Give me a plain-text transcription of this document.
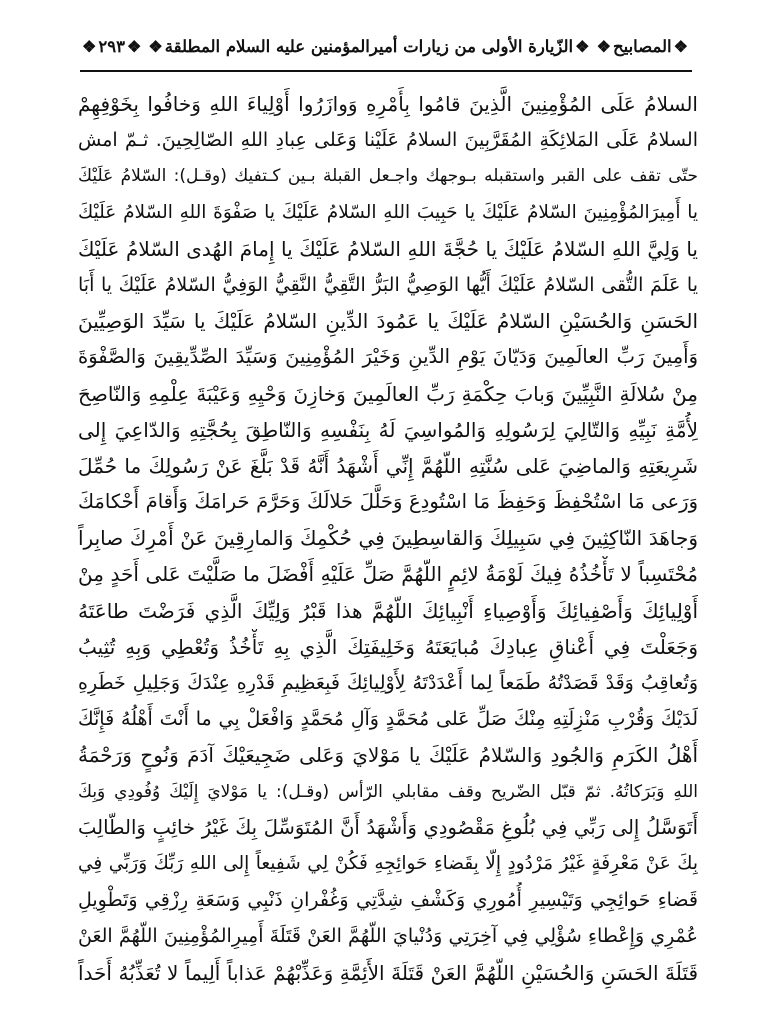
❖المصابيح❖
❖الزّيارة الأولى من زيارات أميرالمؤمنين عليه السلام المطلقة❖
❖٢٩٣❖
السلامُ عَلَى المُؤْمِنِينَ الَّذِينَ قامُوا بِأَمْرِهِ وَوازَرُوا أَوْلِياءَ اللهِ وَخافُوا بِخَوْفِهِمْ
السلامُ عَلَى المَلائِكَةِ المُقَرَّبِينَ السلامُ عَلَيْنا وَعَلى عِبادِ اللهِ الصّالِحِينَ. ثـمّ امش
حتّى تقف على القبر واستقبله بـوجهك واجـعل القبلة بـين كـتفيك (وقـل): السّلامُ عَلَيْكَ
يا أَمِيرَالمُؤْمِنِينَ السّلامُ عَلَيْكَ يا حَبِيبَ اللهِ السّلامُ عَلَيْكَ يا صَفْوَةَ اللهِ السّلامُ عَلَيْكَ
يا وَلِيَّ اللهِ السّلامُ عَلَيْكَ يا حُجَّةَ اللهِ السّلامُ عَلَيْكَ يا إِمامَ الهُدى السّلامُ عَلَيْكَ
يا عَلَمَ التُّقى السّلامُ عَلَيْكَ أَيُّها الوَصِيُّ البَرُّ التَّقِيُّ النَّقِيُّ الوَفِيُّ السّلامُ عَلَيْكَ يا أَبَا
الحَسَنِ وَالحُسَيْنِ السّلامُ عَلَيْكَ يا عَمُودَ الدِّينِ السّلامُ عَلَيْكَ يا سَيِّدَ الوَصِيِّينَ
وَأَمِينَ رَبِّ العالَمِينَ وَدَيّانَ يَوْمِ الدِّينِ وَخَيْرَ المُؤْمِنِينَ وَسَيِّدَ الصِّدِّيقِينَ وَالصَّفْوَةَ
مِنْ سُلالَةِ النَّبِيِّينَ وَبابَ حِكْمَةِ رَبِّ العالَمِينَ وَخازِنَ وَحْيِهِ وَعَيْبَةَ عِلْمِهِ وَالنّاصِحَ
لِأُمَّةِ نَبِيِّهِ وَالتّالِيَ لِرَسُولِهِ وَالمُواسِيَ لَهُ بِنَفْسِهِ وَالنّاطِقَ بِحُجَّتِهِ وَالدّاعِيَ إِلى
شَرِيعَتِهِ وَالماضِيَ عَلى سُنَّتِهِ اللّهُمَّ إِنِّي أَشْهَدُ أَنَّهُ قَدْ بَلَّغَ عَنْ رَسُولِكَ ما حُمِّلَ
وَرَعى مَا اسْتُحْفِظَ وَحَفِظَ مَا اسْتُودِعَ وَحَلَّلَ حَلالَكَ وَحَرَّمَ حَرامَكَ وَأَقامَ أَحْكامَكَ
وَجاهَدَ النّاكِثِينَ فِي سَبِيلِكَ وَالقاسِطِينَ فِي حُكْمِكَ وَالمارِقِينَ عَنْ أَمْرِكَ صابِراً
مُحْتَسِباً لا تَأْخُذُهُ فِيكَ لَوْمَةُ لائِمٍ اللّهُمَّ صَلِّ عَلَيْهِ أَفْضَلَ ما صَلَّيْتَ عَلى أَحَدٍ مِنْ
أَوْلِيائِكَ وَأَصْفِيائِكَ وَأَوْصِياءِ أَنْبِيائِكَ اللّهُمَّ هذا قَبْرُ وَلِيِّكَ الَّذِي فَرَضْتَ طاعَتَهُ
وَجَعَلْتَ فِي أَعْناقِ عِبادِكَ مُبايَعَتَهُ وَخَلِيفَتِكَ الَّذِي بِهِ تَأْخُذُ وَتُعْطِي وَبِهِ تُثِيبُ
وَتُعاقِبُ وَقَدْ قَصَدْتُهُ طَمَعاً لِما أَعْدَدْتَهُ لِأَوْلِيائِكَ فَبِعَظِيمِ قَدْرِهِ عِنْدَكَ وَجَلِيلِ خَطَرِهِ
لَدَيْكَ وَقُرْبِ مَنْزِلَتِهِ مِنْكَ صَلِّ عَلى مُحَمَّدٍ وَآلِ مُحَمَّدٍ وَافْعَلْ بِي ما أَنْتَ أَهْلُهُ فَإِنَّكَ
أَهْلُ الكَرَمِ وَالجُودِ وَالسّلامُ عَلَيْكَ يا مَوْلايَ وَعَلى ضَجِيعَيْكَ آدَمَ وَنُوحٍ وَرَحْمَةُ
اللهِ وَبَرَكاتُهُ. ثمّ قبّل الضّريح وقف مقابلي الرّأس (وقـل): يا مَوْلايَ إِلَيْكَ وُفُودِي وَبِكَ
أَتَوَسَّلُ إِلى رَبِّي فِي بُلُوغِ مَقْصُودِي وَأَشْهَدُ أَنَّ المُتَوَسِّلَ بِكَ غَيْرُ خائِبٍ وَالطّالِبَ
بِكَ عَنْ مَعْرِفَةٍ غَيْرُ مَرْدُودٍ إِلّا بِقَضاءِ حَوائِجِهِ فَكُنْ لِي شَفِيعاً إِلى اللهِ رَبِّكَ وَرَبِّي فِي
قَضاءِ حَوائِجِي وَتَيْسِيرِ أُمُورِي وَكَشْفِ شِدَّتِي وَغُفْرانِ ذَنْبِي وَسَعَةِ رِزْقِي وَتَطْوِيلِ
عُمْرِي وَإِعْطاءِ سُؤْلِي فِي آخِرَتِي وَدُنْيايَ اللّهُمَّ العَنْ قَتَلَةَ أَمِيرِالمُؤْمِنِينَ اللّهُمَّ العَنْ
قَتَلَةَ الحَسَنِ وَالحُسَيْنِ اللّهُمَّ العَنْ قَتَلَةَ الأَئِمَّةِ وَعَذِّبْهُمْ عَذاباً أَلِيماً لا تُعَذِّبُهُ أَحَداً
